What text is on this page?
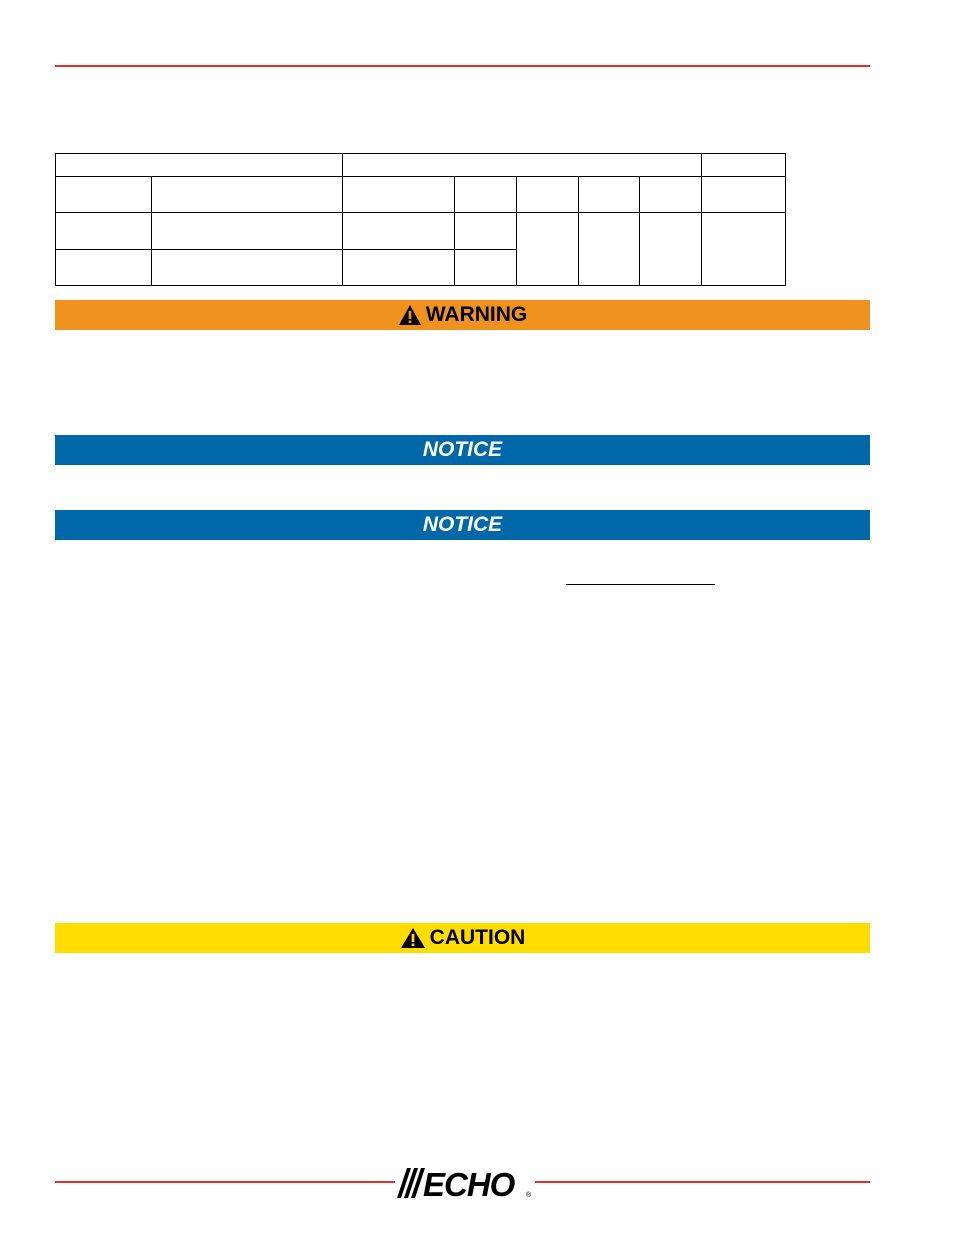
WARNING
NOTICE
NOTICE
CAUTION
ECHO ®
